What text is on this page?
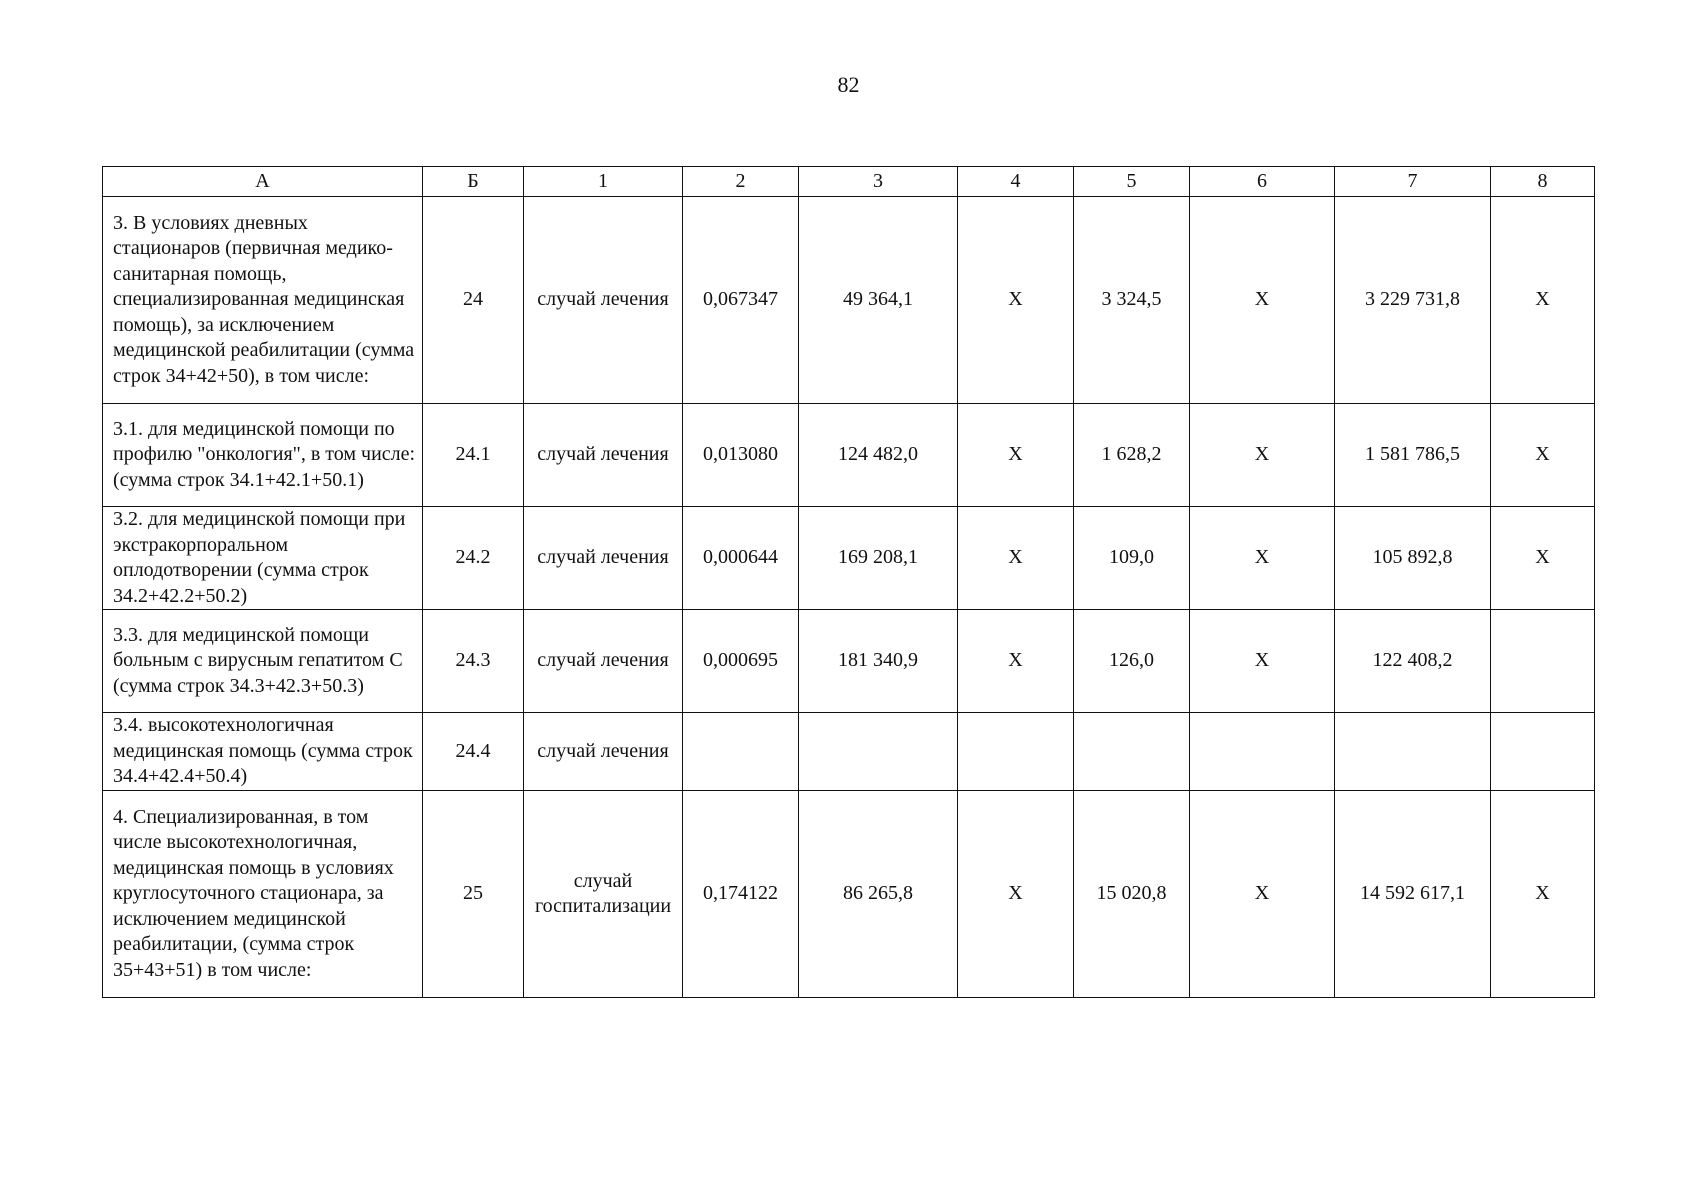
82
А	Б	1	2	3	4	5	6	7	8
3. В условиях дневных стационаров (первичная медико-санитарная помощь, специализированная медицинская помощь), за исключением медицинской реабилитации (сумма строк 34+42+50), в том числе:	24	случай лечения	0,067347	49 364,1	X	3 324,5	X	3 229 731,8	X
3.1. для медицинской помощи по профилю "онкология", в том числе: (сумма строк 34.1+42.1+50.1)	24.1	случай лечения	0,013080	124 482,0	X	1 628,2	X	1 581 786,5	X
3.2. для медицинской помощи при экстракорпоральном оплодотворении (сумма строк 34.2+42.2+50.2)	24.2	случай лечения	0,000644	169 208,1	X	109,0	X	105 892,8	X
3.3. для медицинской помощи больным с вирусным гепатитом С (сумма строк 34.3+42.3+50.3)	24.3	случай лечения	0,000695	181 340,9	X	126,0	X	122 408,2	
3.4. высокотехнологичная медицинская помощь (сумма строк 34.4+42.4+50.4)	24.4	случай лечения							
4. Специализированная, в том числе высокотехнологичная, медицинская помощь в условиях круглосуточного стационара, за исключением медицинской реабилитации, (сумма строк 35+43+51) в том числе:	25	случай госпитализации	0,174122	86 265,8	X	15 020,8	X	14 592 617,1	X
